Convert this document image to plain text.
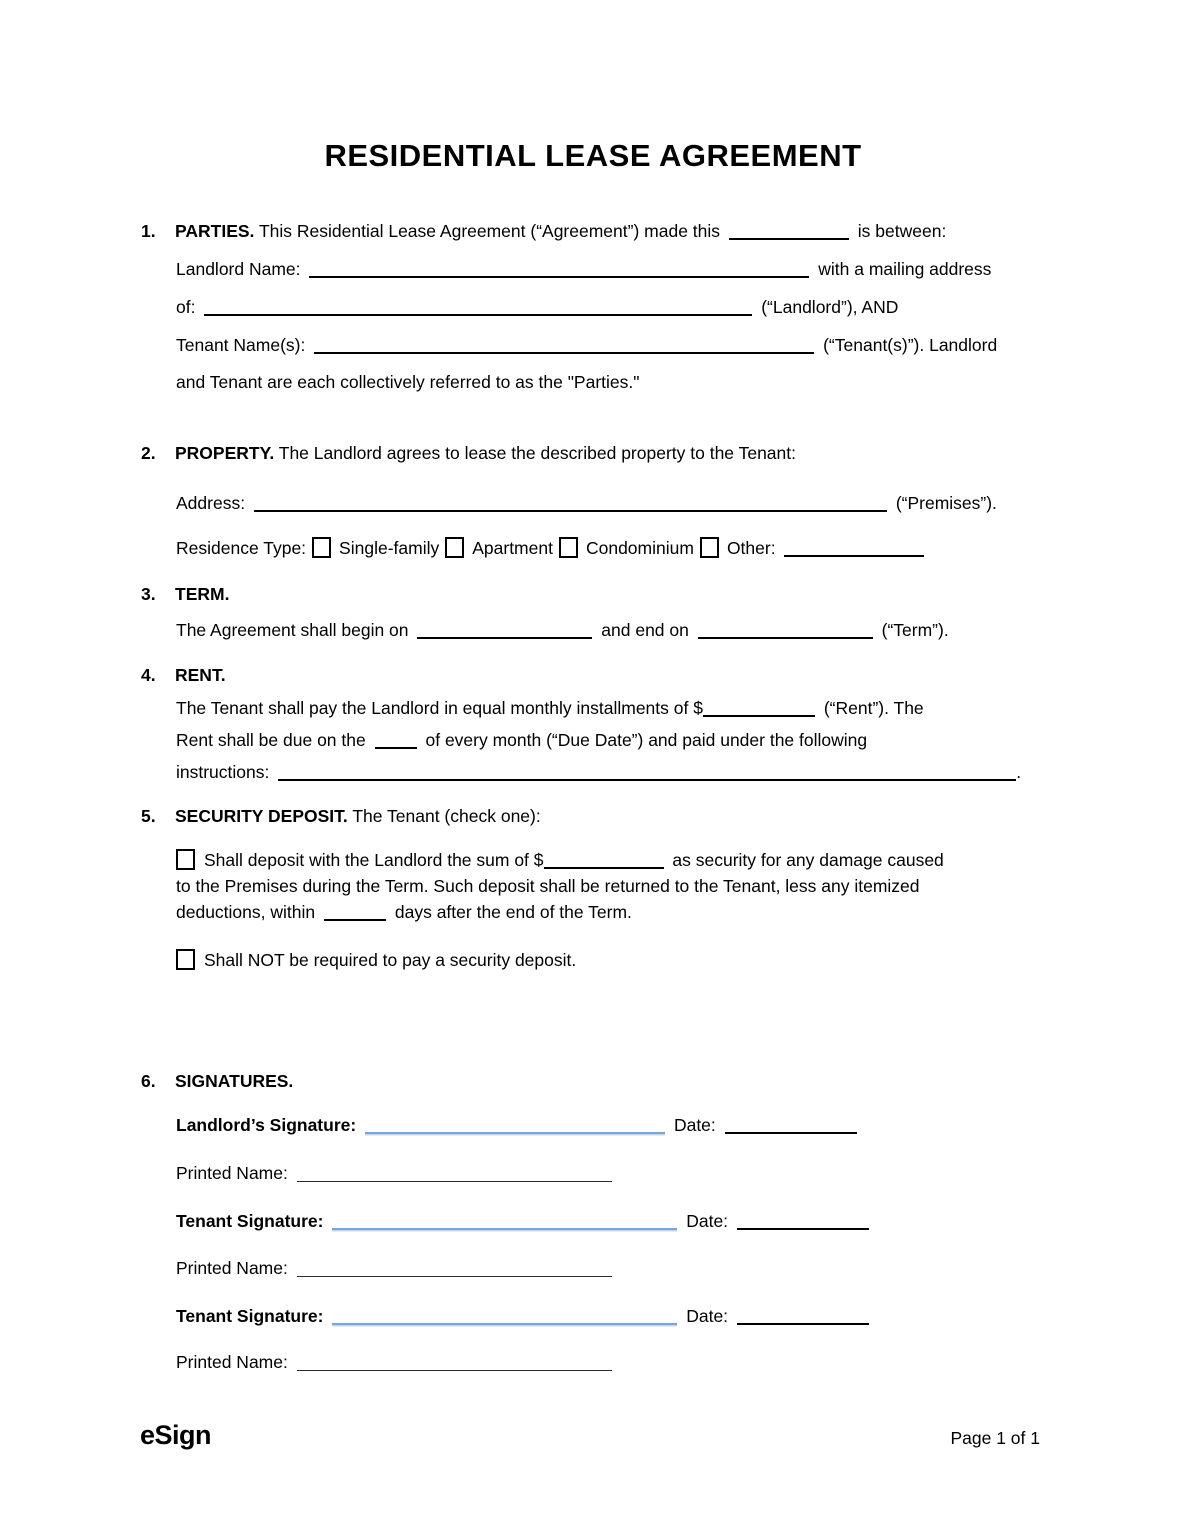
RESIDENTIAL LEASE AGREEMENT
1. PARTIES. This Residential Lease Agreement (“Agreement”) made this	is between:
Landlord Name:	with a mailing address
of:	(“Landlord”), AND
Tenant Name(s):	(“Tenant(s)”). Landlord
and Tenant are each collectively referred to as the "Parties."
2. PROPERTY. The Landlord agrees to lease the described property to the Tenant:
Address:	(“Premises”).
Residence Type: Single-family Apartment Condominium Other:
3. TERM.
The Agreement shall begin on	and end on	(“Term”).
4. RENT.
The Tenant shall pay the Landlord in equal monthly installments of $	(“Rent”). The
Rent shall be due on the	of every month (“Due Date”) and paid under the following
instructions:	.
5. SECURITY DEPOSIT. The Tenant (check one):
Shall deposit with the Landlord the sum of $	as security for any damage caused
to the Premises during the Term. Such deposit shall be returned to the Tenant, less any itemized
deductions, within	days after the end of the Term.
Shall NOT be required to pay a security deposit.
6. SIGNATURES.
Landlord’s Signature:	Date:
Printed Name:
Tenant Signature:	Date:
Printed Name:
Tenant Signature:	Date:
Printed Name:
eSign	Page 1 of 1
